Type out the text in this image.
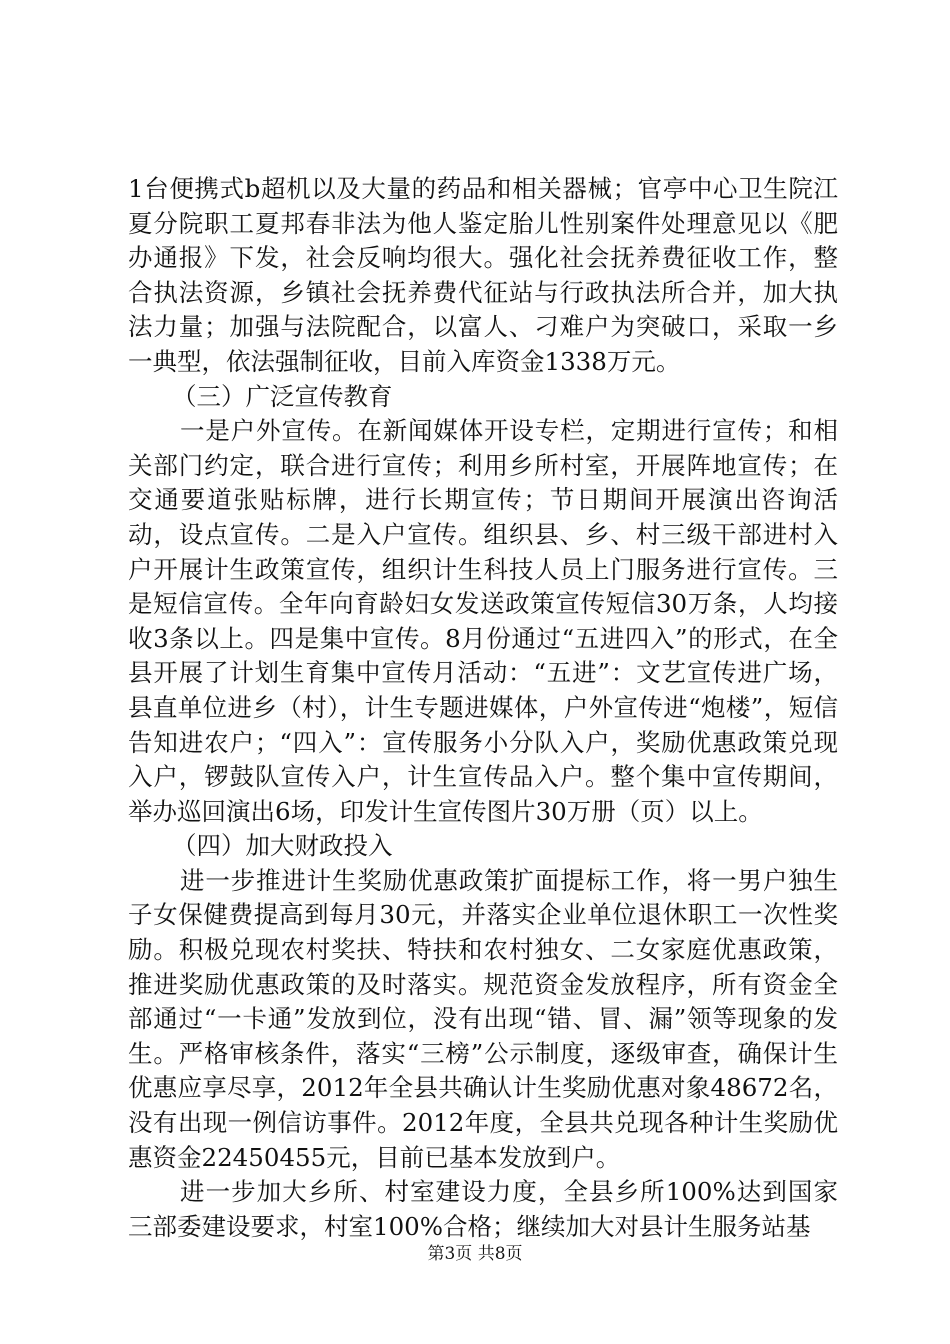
1台便携式b超机以及大量的药品和相关器械；官亭中心卫生院江夏分院职工夏邦春非法为他人鉴定胎儿性别案件处理意见以《肥办通报》下发，社会反响均很大。强化社会抚养费征收工作，整合执法资源，乡镇社会抚养费代征站与行政执法所合并，加大执法力量；加强与法院配合，以富人、刁难户为突破口，采取一乡一典型，依法强制征收，目前入库资金1338万元。

（三）广泛宣传教育

一是户外宣传。在新闻媒体开设专栏，定期进行宣传；和相关部门约定，联合进行宣传；利用乡所村室，开展阵地宣传；在交通要道张贴标牌，进行长期宣传；节日期间开展演出咨询活动，设点宣传。二是入户宣传。组织县、乡、村三级干部进村入户开展计生政策宣传，组织计生科技人员上门服务进行宣传。三是短信宣传。全年向育龄妇女发送政策宣传短信30万条，人均接收3条以上。四是集中宣传。8月份通过“五进四入”的形式，在全县开展了计划生育集中宣传月活动：“五进”：文艺宣传进广场，县直单位进乡（村），计生专题进媒体，户外宣传进“炮楼”，短信告知进农户；“四入”：宣传服务小分队入户，奖励优惠政策兑现入户，锣鼓队宣传入户，计生宣传品入户。整个集中宣传期间，举办巡回演出6场，印发计生宣传图片30万册（页）以上。

（四）加大财政投入

进一步推进计生奖励优惠政策扩面提标工作，将一男户独生子女保健费提高到每月30元，并落实企业单位退休职工一次性奖励。积极兑现农村奖扶、特扶和农村独女、二女家庭优惠政策，推进奖励优惠政策的及时落实。规范资金发放程序，所有资金全部通过“一卡通”发放到位，没有出现“错、冒、漏”领等现象的发生。严格审核条件，落实“三榜”公示制度，逐级审查，确保计生优惠应享尽享，2012年全县共确认计生奖励优惠对象48672名，没有出现一例信访事件。2012年度，全县共兑现各种计生奖励优惠资金22450455元，目前已基本发放到户。

进一步加大乡所、村室建设力度，全县乡所100%达到国家三部委建设要求，村室100%合格；继续加大对县计生服务站基

第3页 共8页
